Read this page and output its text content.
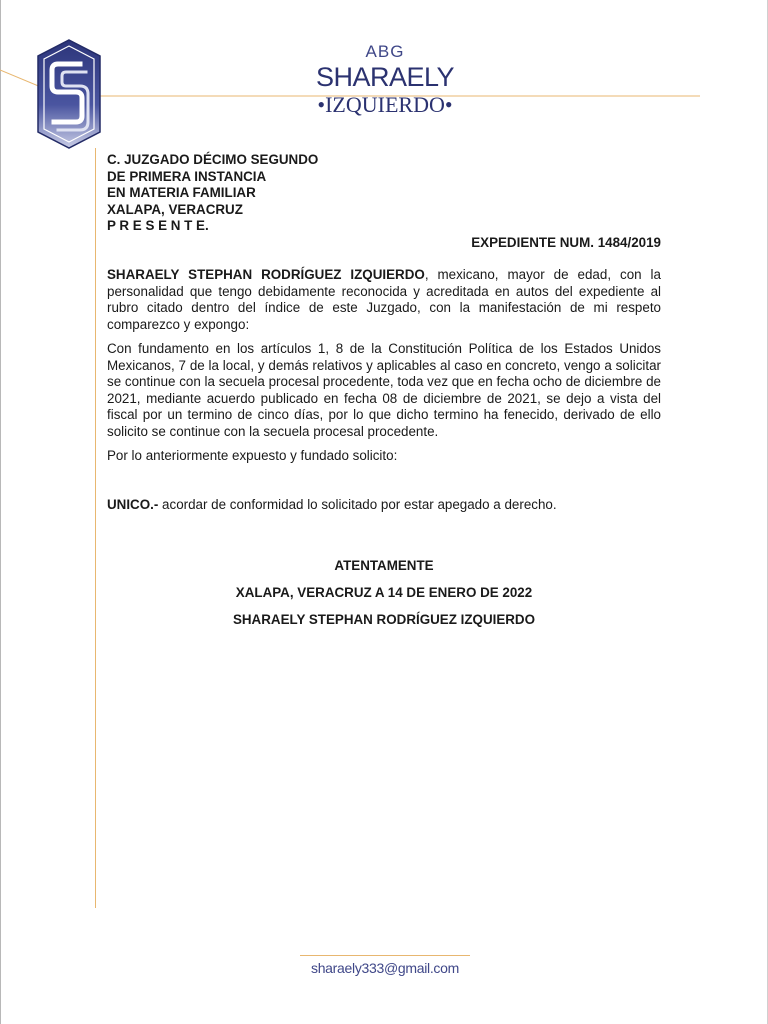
ABG
SHARAELY
•IZQUIERDO•
C. JUZGADO DÉCIMO SEGUNDO
DE PRIMERA INSTANCIA
EN MATERIA FAMILIAR
XALAPA, VERACRUZ
P R E S E N T E.
EXPEDIENTE NUM. 1484/2019

SHARAELY STEPHAN RODRÍGUEZ IZQUIERDO, mexicano, mayor de edad, con la personalidad que tengo debidamente reconocida y acreditada en autos del expediente al rubro citado dentro del índice de este Juzgado, con la manifestación de mi respeto comparezco y expongo:

Con fundamento en los artículos 1, 8 de la Constitución Política de los Estados Unidos Mexicanos, 7 de la local, y demás relativos y aplicables al caso en concreto, vengo a solicitar se continue con la secuela procesal procedente, toda vez que en fecha ocho de diciembre de 2021, mediante acuerdo publicado en fecha 08 de diciembre de 2021, se dejo a vista del fiscal por un termino de cinco días, por lo que dicho termino ha fenecido, derivado de ello solicito se continue con la secuela procesal procedente.

Por lo anteriormente expuesto y fundado solicito:

UNICO.- acordar de conformidad lo solicitado por estar apegado a derecho.

ATENTAMENTE
XALAPA, VERACRUZ A 14 DE ENERO DE 2022
SHARAELY STEPHAN RODRÍGUEZ IZQUIERDO
sharaely333@gmail.com
